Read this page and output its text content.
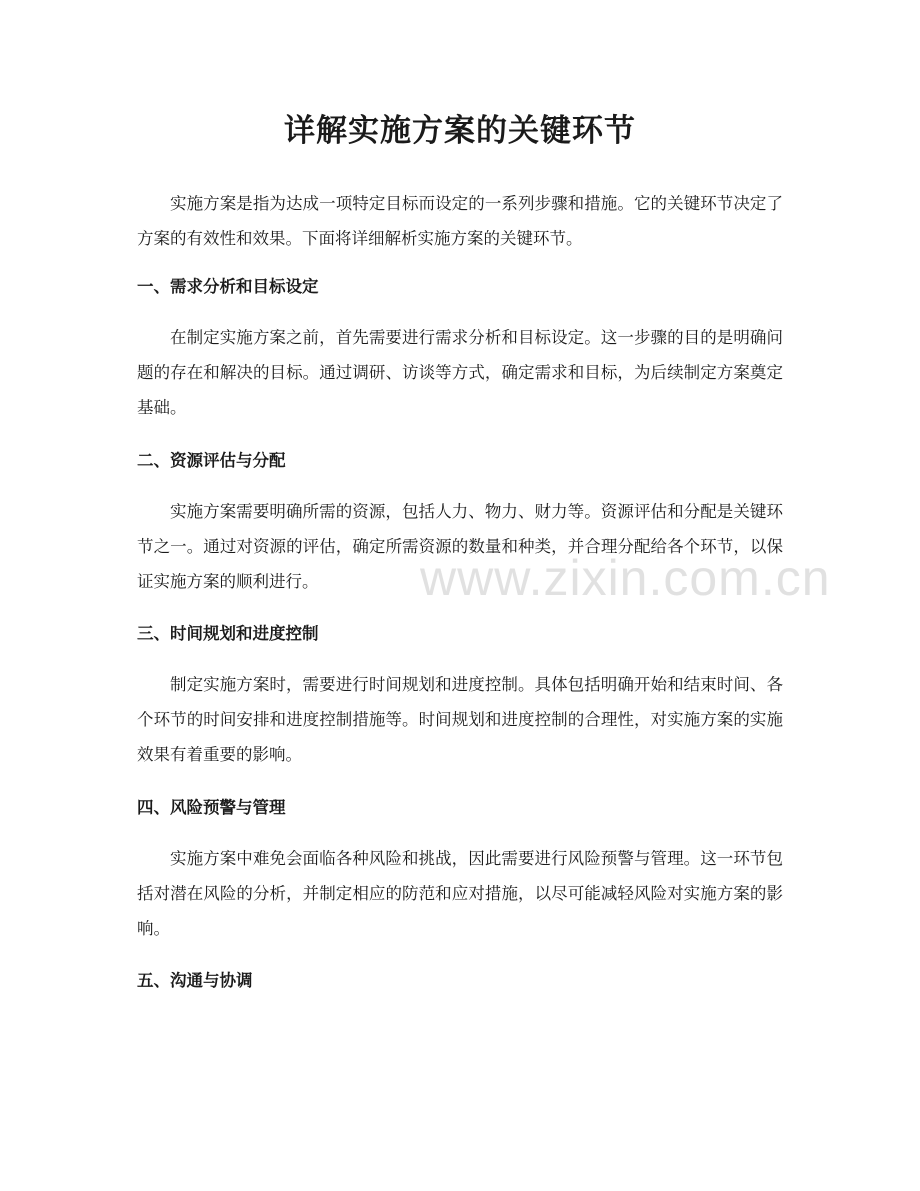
详解实施方案的关键环节

实施方案是指为达成一项特定目标而设定的一系列步骤和措施。它的关键环节决定了方案的有效性和效果。下面将详细解析实施方案的关键环节。

一、需求分析和目标设定

在制定实施方案之前，首先需要进行需求分析和目标设定。这一步骤的目的是明确问题的存在和解决的目标。通过调研、访谈等方式，确定需求和目标，为后续制定方案奠定基础。

二、资源评估与分配

实施方案需要明确所需的资源，包括人力、物力、财力等。资源评估和分配是关键环节之一。通过对资源的评估，确定所需资源的数量和种类，并合理分配给各个环节，以保证实施方案的顺利进行。

三、时间规划和进度控制

制定实施方案时，需要进行时间规划和进度控制。具体包括明确开始和结束时间、各个环节的时间安排和进度控制措施等。时间规划和进度控制的合理性，对实施方案的实施效果有着重要的影响。

四、风险预警与管理

实施方案中难免会面临各种风险和挑战，因此需要进行风险预警与管理。这一环节包括对潜在风险的分析，并制定相应的防范和应对措施，以尽可能减轻风险对实施方案的影响。

五、沟通与协调
www.zixin.com.cn
